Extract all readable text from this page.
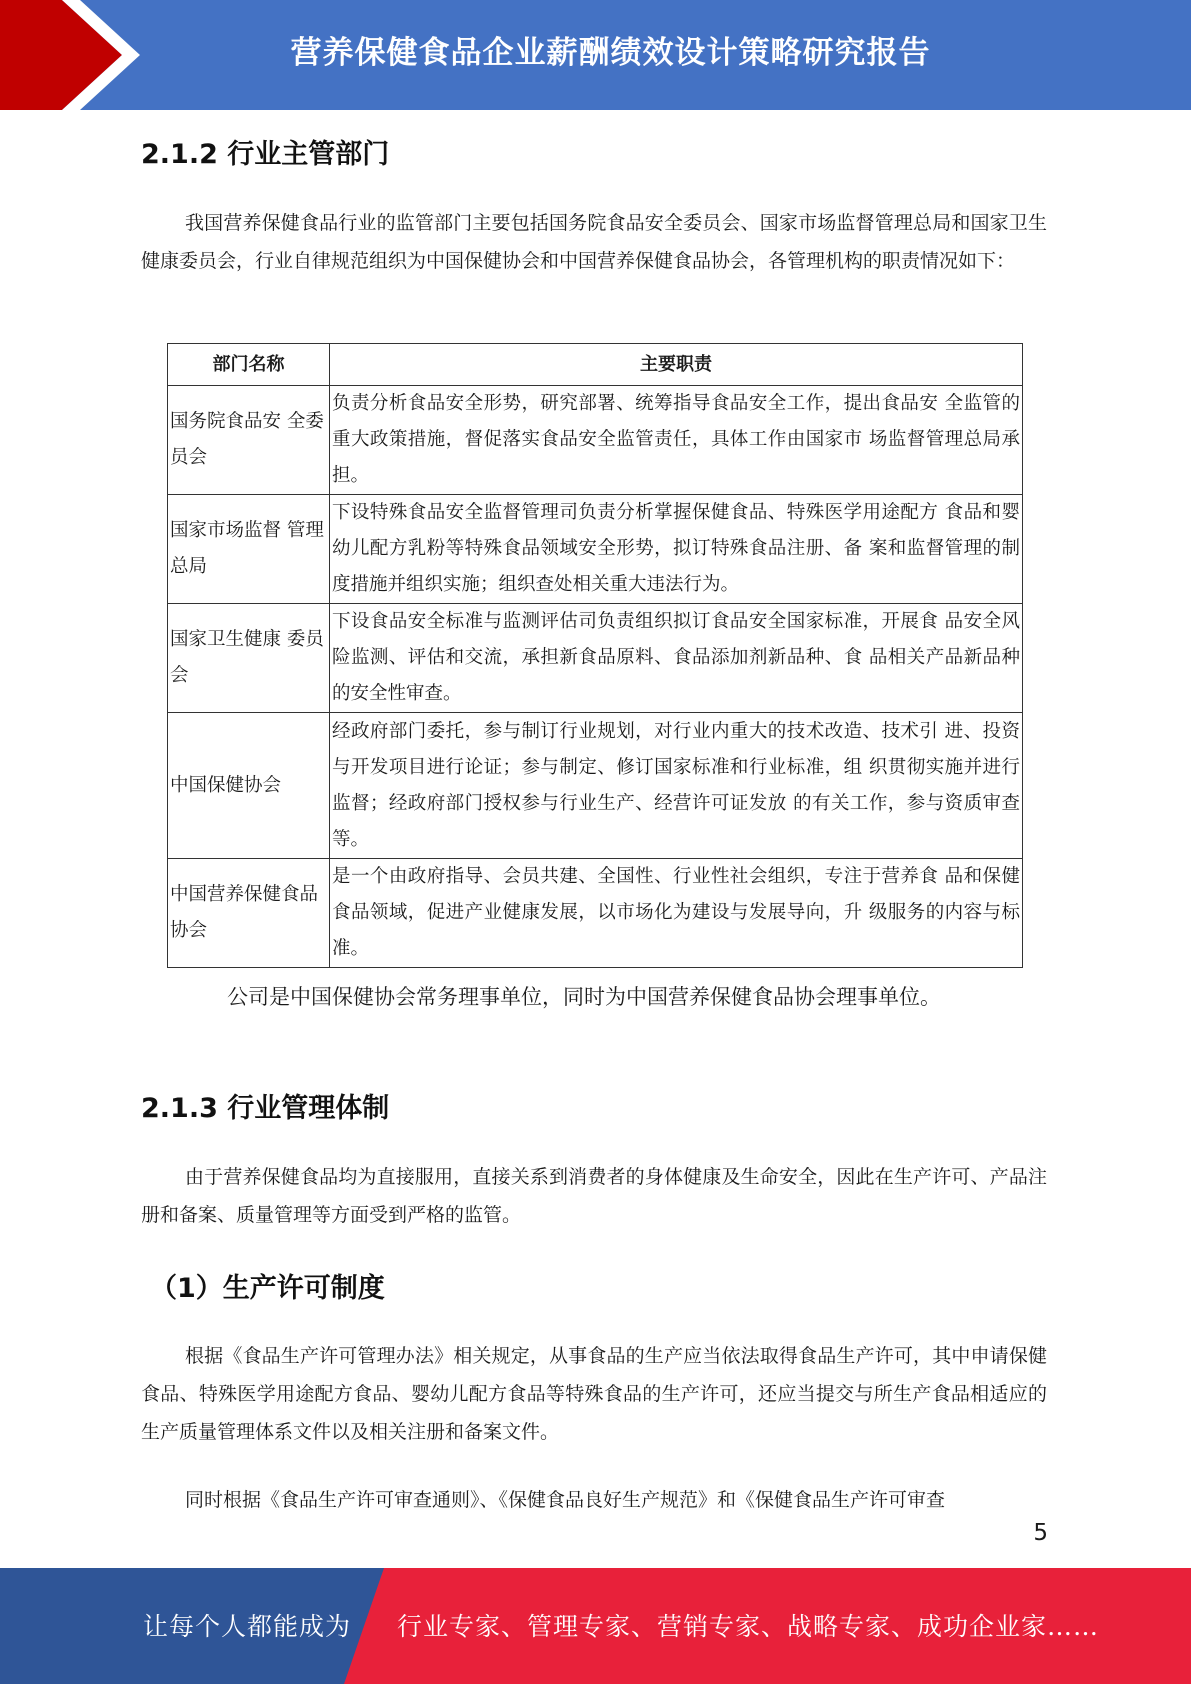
营养保健食品企业薪酬绩效设计策略研究报告
2.1.2 行业主管部门

我国营养保健食品行业的监管部门主要包括国务院食品安全委员会、国家市场监督管理总局和国家卫生健康委员会，行业自律规范组织为中国保健协会和中国营养保健食品协会，各管理机构的职责情况如下：

部门名称	主要职责
国务院食品安 全委员会	负责分析食品安全形势，研究部署、统筹指导食品安全工作，提出食品安 全监管的重大政策措施，督促落实食品安全监管责任，具体工作由国家市 场监督管理总局承担。
国家市场监督 管理总局	下设特殊食品安全监督管理司负责分析掌握保健食品、特殊医学用途配方 食品和婴幼儿配方乳粉等特殊食品领域安全形势，拟订特殊食品注册、备 案和监督管理的制度措施并组织实施；组织查处相关重大违法行为。
国家卫生健康 委员会	下设食品安全标准与监测评估司负责组织拟订食品安全国家标准，开展食 品安全风险监测、评估和交流，承担新食品原料、食品添加剂新品种、食 品相关产品新品种的安全性审查。
中国保健协会	经政府部门委托，参与制订行业规划，对行业内重大的技术改造、技术引 进、投资与开发项目进行论证；参与制定、修订国家标准和行业标准，组 织贯彻实施并进行监督；经政府部门授权参与行业生产、经营许可证发放 的有关工作，参与资质审查等。
中国营养保健食品协会	是一个由政府指导、会员共建、全国性、行业性社会组织，专注于营养食 品和保健食品领域，促进产业健康发展，以市场化为建设与发展导向，升 级服务的内容与标准。

公司是中国保健协会常务理事单位，同时为中国营养保健食品协会理事单位。

2.1.3 行业管理体制

由于营养保健食品均为直接服用，直接关系到消费者的身体健康及生命安全，因此在生产许可、产品注册和备案、质量管理等方面受到严格的监管。

（1）生产许可制度

根据《食品生产许可管理办法》相关规定，从事食品的生产应当依法取得食品生产许可，其中申请保健食品、特殊医学用途配方食品、婴幼儿配方食品等特殊食品的生产许可，还应当提交与所生产食品相适应的生产质量管理体系文件以及相关注册和备案文件。

同时根据《食品生产许可审查通则》、《保健食品良好生产规范》和《保健食品生产许可审查

5
让每个人都能成为 行业专家、管理专家、营销专家、战略专家、成功企业家……
